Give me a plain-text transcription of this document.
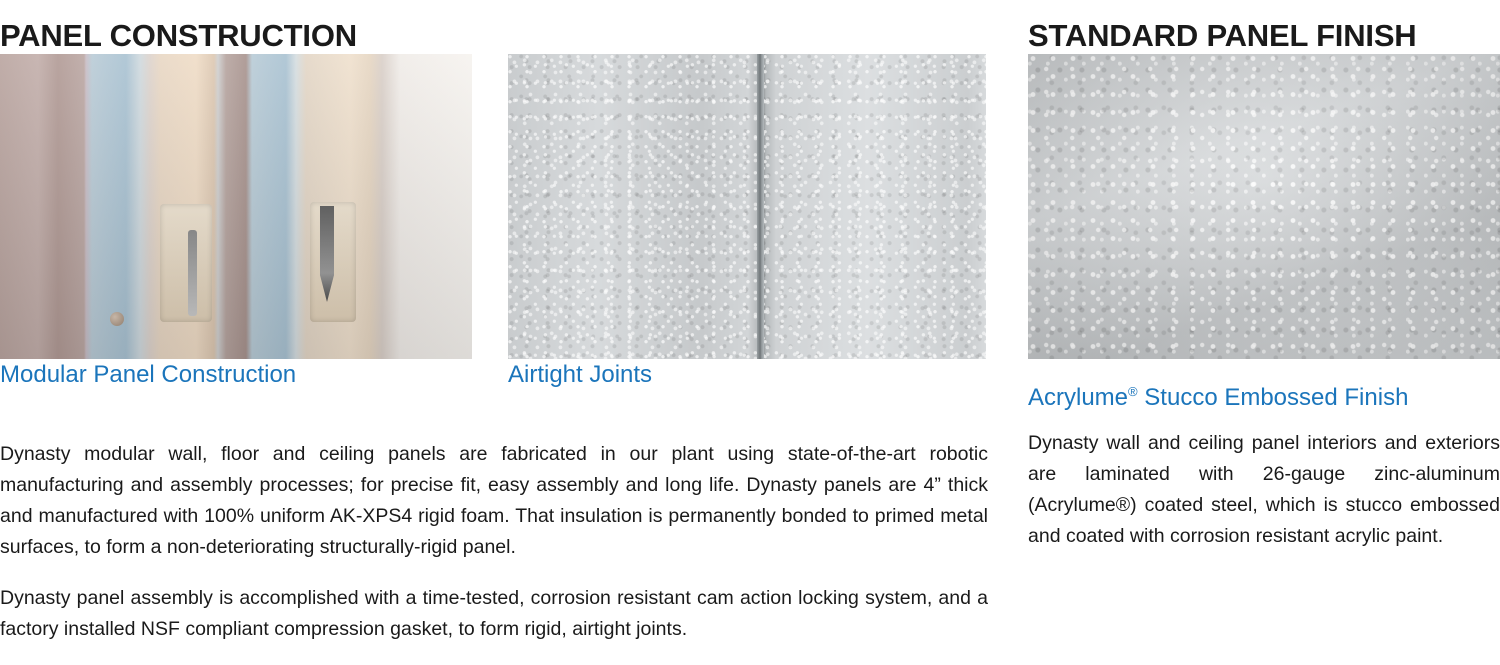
PANEL CONSTRUCTION	STANDARD PANEL FINISH
Modular Panel Construction	Airtight Joints

Dynasty modular wall, floor and ceiling panels are fabricated in our plant using state-of-the-art robotic manufacturing and assembly processes; for precise fit, easy assembly and long life. Dynasty panels are 4” thick and manufactured with 100% uniform AK-XPS4 rigid foam. That insulation is permanently bonded to primed metal surfaces, to form a non-deteriorating structurally-rigid panel.

Dynasty panel assembly is accomplished with a time-tested, corrosion resistant cam action locking system, and a factory installed NSF compliant compression gasket, to form rigid, airtight joints.

Acrylume® Stucco Embossed Finish

Dynasty wall and ceiling panel interiors and exteriors are laminated with 26-gauge zinc-aluminum (Acrylume®) coated steel, which is stucco embossed and coated with corrosion resistant acrylic paint.
